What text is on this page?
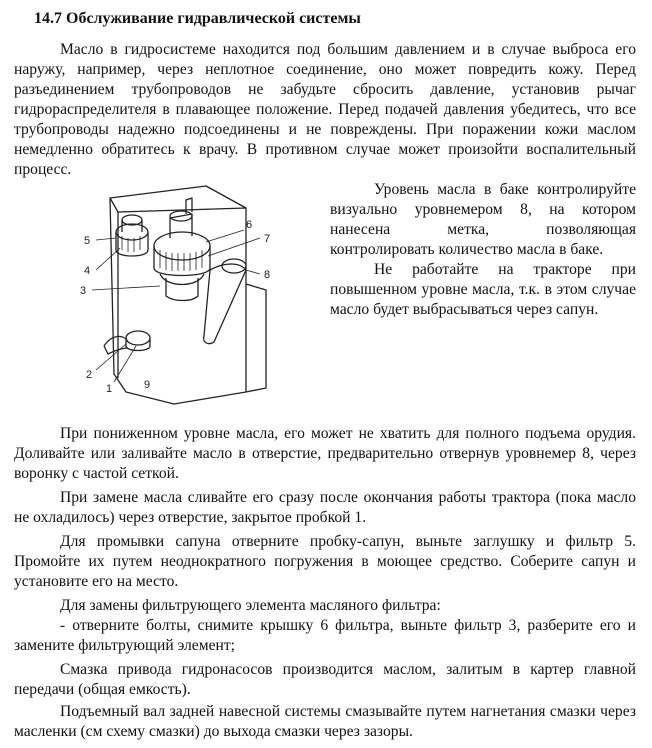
14.7 Обслуживание гидравлической системы

Масло в гидросистеме находится под большим давлением и в случае выброса его наружу, например, через неплотное соединение, оно может повредить кожу. Перед разъединением трубопроводов не забудьте сбросить давление, установив рычаг гидрораспределителя в плавающее положение. Перед подачей давления убедитесь, что все трубопроводы надежно подсоединены и не повреждены. При поражении кожи маслом немедленно обратитесь к врачу. В противном случае может произойти воспалительный процесс.

5
4
3
2
1
6
7
8
9

Уровень масла в баке контролируйте визуально уровнемером 8, на котором нанесена метка, позволяющая контролировать количество масла в баке.

Не работайте на тракторе при повышенном уровне масла, т.к. в этом случае масло будет выбрасываться через сапун.

При пониженном уровне масла, его может не хватить для полного подъема орудия. Доливайте или заливайте масло в отверстие, предварительно отвернув уровнемер 8, через воронку с частой сеткой.

При замене масла сливайте его сразу после окончания работы трактора (пока масло не охладилось) через отверстие, закрытое пробкой 1.

Для промывки сапуна отверните пробку-сапун, выньте заглушку и фильтр 5. Промойте их путем неоднократного погружения в моющее средство. Соберите сапун и установите его на место.

Для замены фильтрующего элемента масляного фильтра:

- отверните болты, снимите крышку 6 фильтра, выньте фильтр 3, разберите его и замените фильтрующий элемент;

Смазка привода гидронасосов производится маслом, залитым в картер главной передачи (общая емкость).

Подъемный вал задней навесной системы смазывайте путем нагнетания смазки через масленки (см схему смазки) до выхода смазки через зазоры.
